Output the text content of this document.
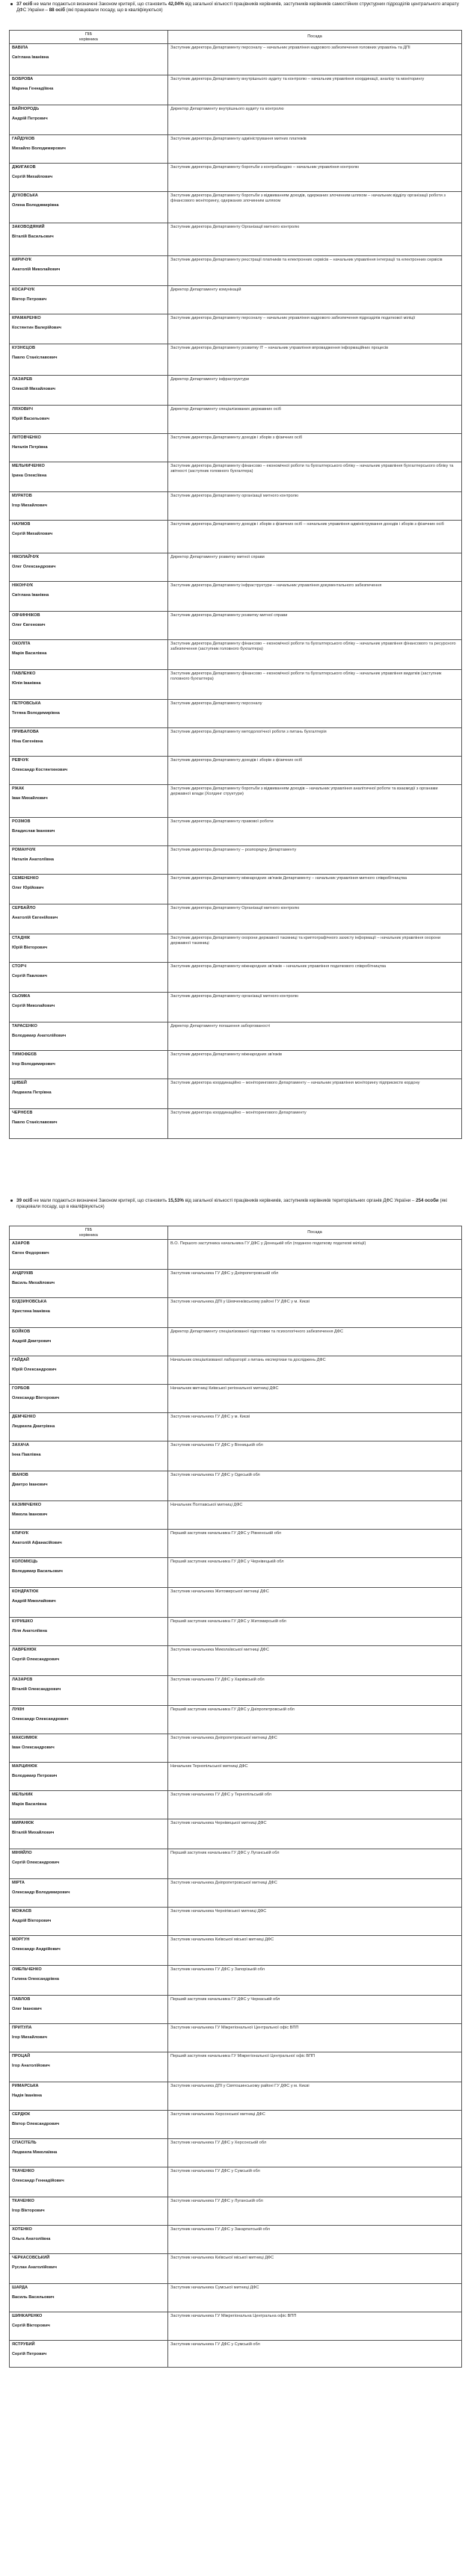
37 осіб не мали подаються визначені Законом критерії, що становить 42,04% від загальної кількості працівників керівників, заступників керівників самостійних структурних підрозділів центрального апарату ДФС України – 88 осіб (які працювали посаду, що в кваліфікуються)
ПІБ
керівника	Посада
ВАВІЛА
Світлана Іванівна	Заступник директора Департаменту персоналу – начальник управління кадрового забезпечення головних управлінь та ДПІ
БОБРОВА
Марина Геннадіївна	Заступник директора Департаменту внутрішнього аудиту та контролю – начальник управління координації, аналізу та моніторингу
ВАЙНОРОДЬ
Андрій Петрович	Директор Департаменту внутрішнього аудиту та контролю
ГАЙДУКОВ
Михайло Володимирович	Заступник директора Департаменту адміністрування митних платежів
ДЖИГАКОВ
Сергій Михайлович	Заступник директора Департаменту боротьби з контрабандою – начальник управління контролю
ДУХОВСЬКА
Олена Володимирівна	Заступник директора Департаменту боротьби з відмиванням доходів, одержаних злочинним шляхом – начальник відділу організації роботи з фінансового моніторингу, одержаних злочинним шляхом
ЗАКОВОДЯНИЙ
Віталій Васильович	Заступник директора Департаменту Організації митного контролю
КИРИЧУК
Анатолій Миколайович	Заступник директора Департаменту реєстрації платників та електронних сервісів – начальник управління інтеграції та електронних сервісів
КОСАРЧУК
Віктор Петрович	Директор Департаменту комунікацій
КРАМАРЕНКО
Костянтин Валерійович	Заступник директора Департаменту персоналу – начальник управління кадрового забезпечення підрозділів податкової міліції
КУЗНЄЦОВ
Павло Станіславович	Заступник директора Департаменту розвитку ІТ – начальник управління впровадження інформаційних процесів
ЛАЗАРЕВ
Олексій Михайлович	Директор Департаменту інфраструктури
ЛЯХОВИЧ
Юрій Васильович	Директор Департаменту спеціалізованих державних осіб
ЛИТОВЧЕНКО
Наталія Петрівна	Заступник директора Департаменту доходів і зборів з фізичних осіб
МЕЛЬНИЧЕНКО
Ірина Олексіївна	Заступник директора Департаменту фінансово – економічної роботи та бухгалтерського обліку – начальник управління бухгалтерського обліку та звітності (заступник головного бухгалтера)
МУРАТОВ
Ігор Михайлович	Заступник директора Департаменту організації митного контролю
НАУМОВ
Сергій Михайлович	Заступник директора Департаменту доходів і зборів з фізичних осіб – начальник управління адміністрування доходів і зборів з фізичних осіб
НІКОЛАЙЧУК
Олег Олександрович	Директор Департаменту розвитку митної справи
НІКОНЧУК
Світлана Іванівна	Заступник директора Департаменту інфраструктури – начальник управління документального забезпечення
ОВЧИННІКОВ
Олег Євгенович	Заступник директора Департаменту розвитку митної справи
ОКОЛІТА
Марія Василівна	Заступник директора Департаменту фінансово – економічної роботи та бухгалтерського обліку – начальник управління фінансового та ресурсного забезпечення (заступник головного бухгалтера)
ПАВЛЕНКО
Юлія Іванівна	Заступник директора Департаменту фінансово – економічної роботи та бухгалтерського обліку – начальник управління видатків (заступник головного бухгалтера)
ПЕТРОВСЬКА
Тетяна Володимирівна	Заступник директора Департаменту персоналу
ПРИБАЛОВА
Ніна Євгенівна	Заступник директора Департаменту методологічної роботи з питань бухгалтерія
РЕВЧУК
Олександр Костянтинович	Заступник директора Департаменту доходів і зборів з фізичних осіб
РЖАК
Іван Михайлович	Заступник директора Департаменту боротьби з відмиванням доходів – начальник управління аналітичної роботи та взаємодії з органами державної влади (Холдинг структури)
РОЗМОВ
Владислав Іванович	Заступник директора Департаменту правової роботи
РОМАНЧУК
Наталія Анатоліївна	Заступник директора Департаменту – розпорядчу Департаменту
СЕМЕНЕНКО
Олег Юрійович	Заступник директора Департаменту міжнародних зв'язків Департаменту – начальник управління митного співробітництва
СЕРБАЙЛО
Анатолій Євгенійович	Заступник директора Департаменту Організації митного контролю
СТАДНІК
Юрій Вікторович	Заступник директора Департаменту охорони державної таємниці та криптографічного захисту інформації – начальник управління охорони державної таємниці
СТОРЧ
Сергій Павлович	Заступник директора Департаменту міжнародних зв'язків – начальник управління податкового співробітництва
СЬОМКА
Сергій Миколайович	Заступник директора Департаменту організації митного контролю
ТАРАСЕНКО
Володимир Анатолійович	Директор Департаменту погашення заборгованості
ТИМОФЕЄВ
Ігор Володимирович	Заступник директора Департаменту міжнародних зв'язків
ЦИБЕЙ
Людмила Петрівна	Заступник директора координаційно – моніторингового Департаменту – начальник управління моніторингу підприємств кордону
ЧЕРНЄЄВ
Павло Станіславович	Заступник директора координаційно – моніторингового Департаменту
39 осіб не мали подаються визначені Законом критерії, що становить 15,53% від загальної кількості працівників керівників, заступників керівників територіальних органів ДФС України – 254 особи (які працювали посаду, що в кваліфікуються)
ПІБ
керівника	Посада
АЗАРОВ
Євген Федорович	В.О. Першого заступника начальника ГУ ДФС у Донецькій обл (поданою податкову податкові міліції)
АНДРУКІВ
Василь Михайлович	Заступник начальника ГУ ДФС у Дніпропетровській обл
БУДЗИНОВСЬКА
Христина Іванівна	Заступник начальника ДПІ у Шевченківському районі ГУ ДФС у м. Києві
БОЙКОВ
Андрій Дмитрович	Директор Департаменту спеціалізованої підготовки та психологічного забезпечення ДФС
ГАЙДАЙ
Юрій Олександрович	Начальник спеціалізованої лабораторії з питань експертизи та досліджень ДФС
ГОРБОВ
Олександр Вікторович	Начальник митниці Київської регіональної митниці ДФС
ДЕМЧЕНКО
Людмила Дмитрівна	Заступник начальника ГУ ДФС у м. Києві
ЗАХАЧА
Інна Павлівна	Заступник начальника ГУ ДФС у Вінницькій обл
ІВАНОВ
Дмитро Іванович	Заступник начальника ГУ ДФС у Одеській обл
КАЗИМЧЕНКО
Микола Іванович	Начальник Полтавської митниці ДФС
КЛИЧУК
Анатолій Афанасійович	Перший заступник начальника ГУ ДФС у Рівненській обл
КОЛОМІЄЦЬ
Володимир Васильович	Перший заступник начальника ГУ ДФС у Чернівецькій обл
КОНДРАТЮК
Андрій Миколайович	Заступник начальника Житомирської митниці ДФС
КУРИШКО
Ліля Анатоліївна	Перший заступник начальника ГУ ДФС у Житомирській обл
ЛАВРЕНЮК
Сергій Олександрович	Заступник начальника Миколаївської митниці ДФС
ЛАЗАРЄВ
Віталій Олександрович	Заступник начальника ГУ ДФС у Харківській обл
ЛУКІН
Олександр Олександрович	Перший заступник начальника ГУ ДФС у Дніпропетровській обл
МАКСИМЮК
Іван Олександрович	Заступник начальника Дніпропетровської митниці ДФС
МАРЦИНЮК
Володимир Петрович	Начальник Тернопільської митниці ДФС
МЕЛЬНИК
Марія Василівна	Заступник начальника ГУ ДФС у Тернопільській обл
МИРАНЮК
Віталій Михайлович	Заступник начальника Чернівецької митниці ДФС
МІНЯЙЛО
Сергій Олександрович	Перший заступник начальника ГУ ДФС у Луганській обл
МІРТА
Олександр Володимирович	Заступник начальника Дніпропетровської митниці ДФС
МОЖАЄВ
Андрій Вікторович	Заступник начальника Чернігівської митниці ДФС
МОРГУН
Олександр Андрійович	Заступник начальника Київської міської митниці ДФС
ОМЕЛЬЧЕНКО
Галина Олександрівна	Заступник начальника ГУ ДФС у Запорізькій обл
ПАВЛОВ
Олег Іванович	Перший заступник начальника ГУ ДФС у Черкаській обл
ПРИТУЛА
Ігор Михайлович	Заступник начальника ГУ Міжрегіональної Центральної офіс ВПП
ПРОЦАЙ
Ігор Анатолійович	Перший заступник начальника ГУ Міжрегіональної Центральної офіс ВПП
РИМАРСЬКА
Надія Іванівна	Заступник начальника ДПІ у Святошинському районі ГУ ДФС у м. Києві
СЕРДЮК
Віктор Олександрович	Заступник начальника Херсонської митниці ДФС
СПАСІТЕЛЬ
Людмила Миколаївна	Заступник начальника ГУ ДФС у Херсонській обл
ТКАЧЕНКО
Олександр Геннадійович	Заступник начальника ГУ ДФС у Сумській обл
ТКАЧЕНКО
Ігор Вікторович	Заступник начальника ГУ ДФС у Луганській обл
ХОТЕНКО
Ольга Анатоліївна	Заступник начальника ГУ ДФС у Закарпатській обл
ЧЕРКАСОВСЬКИЙ
Руслан Анатолійович	Заступник начальника Київської міської митниці ДФС
ШАРДА
Василь Васильович	Заступник начальника Сумської митниці ДФС
ШИНКАРЕНКО
Сергій Вікторович	Заступник начальника ГУ Міжрегіональна Центральна офіс ВПП
ЯСТРУБИЙ
Сергій Петрович	Заступник начальника ГУ ДФС у Сумській обл
